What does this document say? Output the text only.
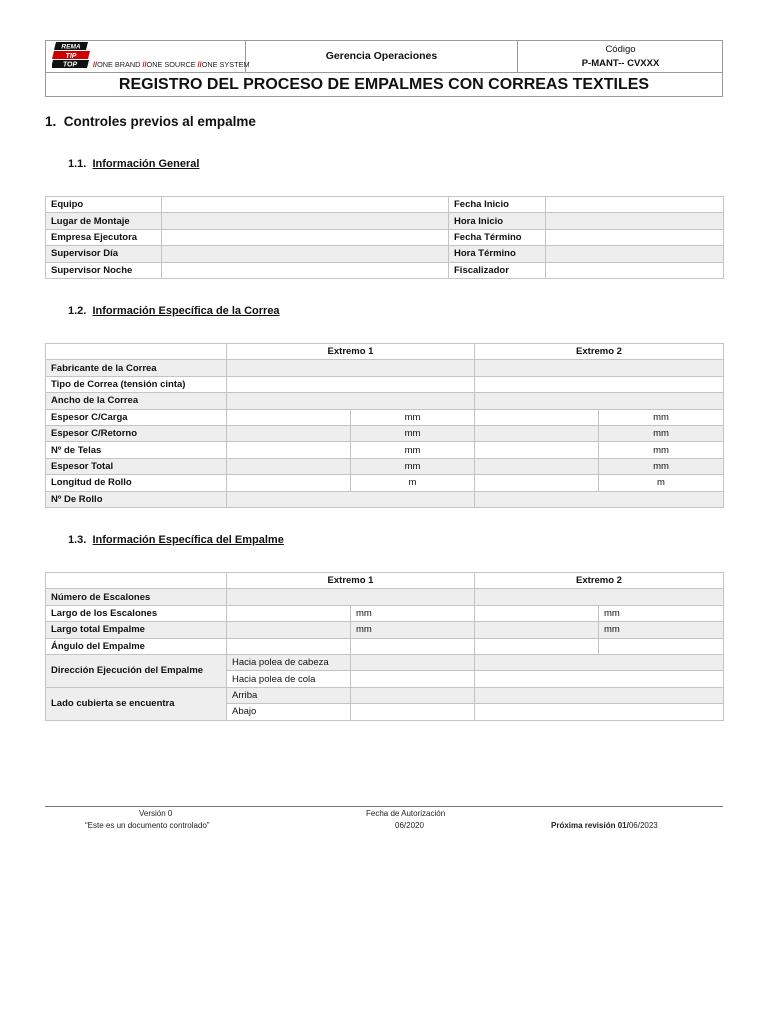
REMA
TIP
TOP //ONE BRAND //ONE SOURCE //ONE SYSTEM
Gerencia Operaciones
Código
P-MANT-- CVXXX
REGISTRO DEL PROCESO DE EMPALMES CON CORREAS TEXTILES
1. Controles previos al empalme
1.1. Información General
Equipo		Fecha Inicio	
Lugar de Montaje		Hora Inicio	
Empresa Ejecutora		Fecha Término	
Supervisor Día		Hora Término	
Supervisor Noche		Fiscalizador	
1.2. Información Específica de la Correa
	Extremo 1		Extremo 2	
Fabricante de la Correa				
Tipo de Correa (tensión cinta)				
Ancho de la Correa				
Espesor C/Carga		mm		mm
Espesor C/Retorno		mm		mm
Nº de Telas		mm		mm
Espesor Total		mm		mm
Longitud de Rollo		m		m
Nº De Rollo				
1.3. Información Específica del Empalme
	Extremo 1		Extremo 2	
Número de Escalones				
Largo de los Escalones		mm		mm
Largo total Empalme		mm		mm
Ángulo del Empalme				
Dirección Ejecución del Empalme	Hacia polea de cabeza			
	Hacia polea de cola			
Lado cubierta se encuentra	Arriba			
	Abajo			
Versión 0
“Este es un documento controlado”
Fecha de Autorización
06/2020	Próxima revisión 01/06/2023
